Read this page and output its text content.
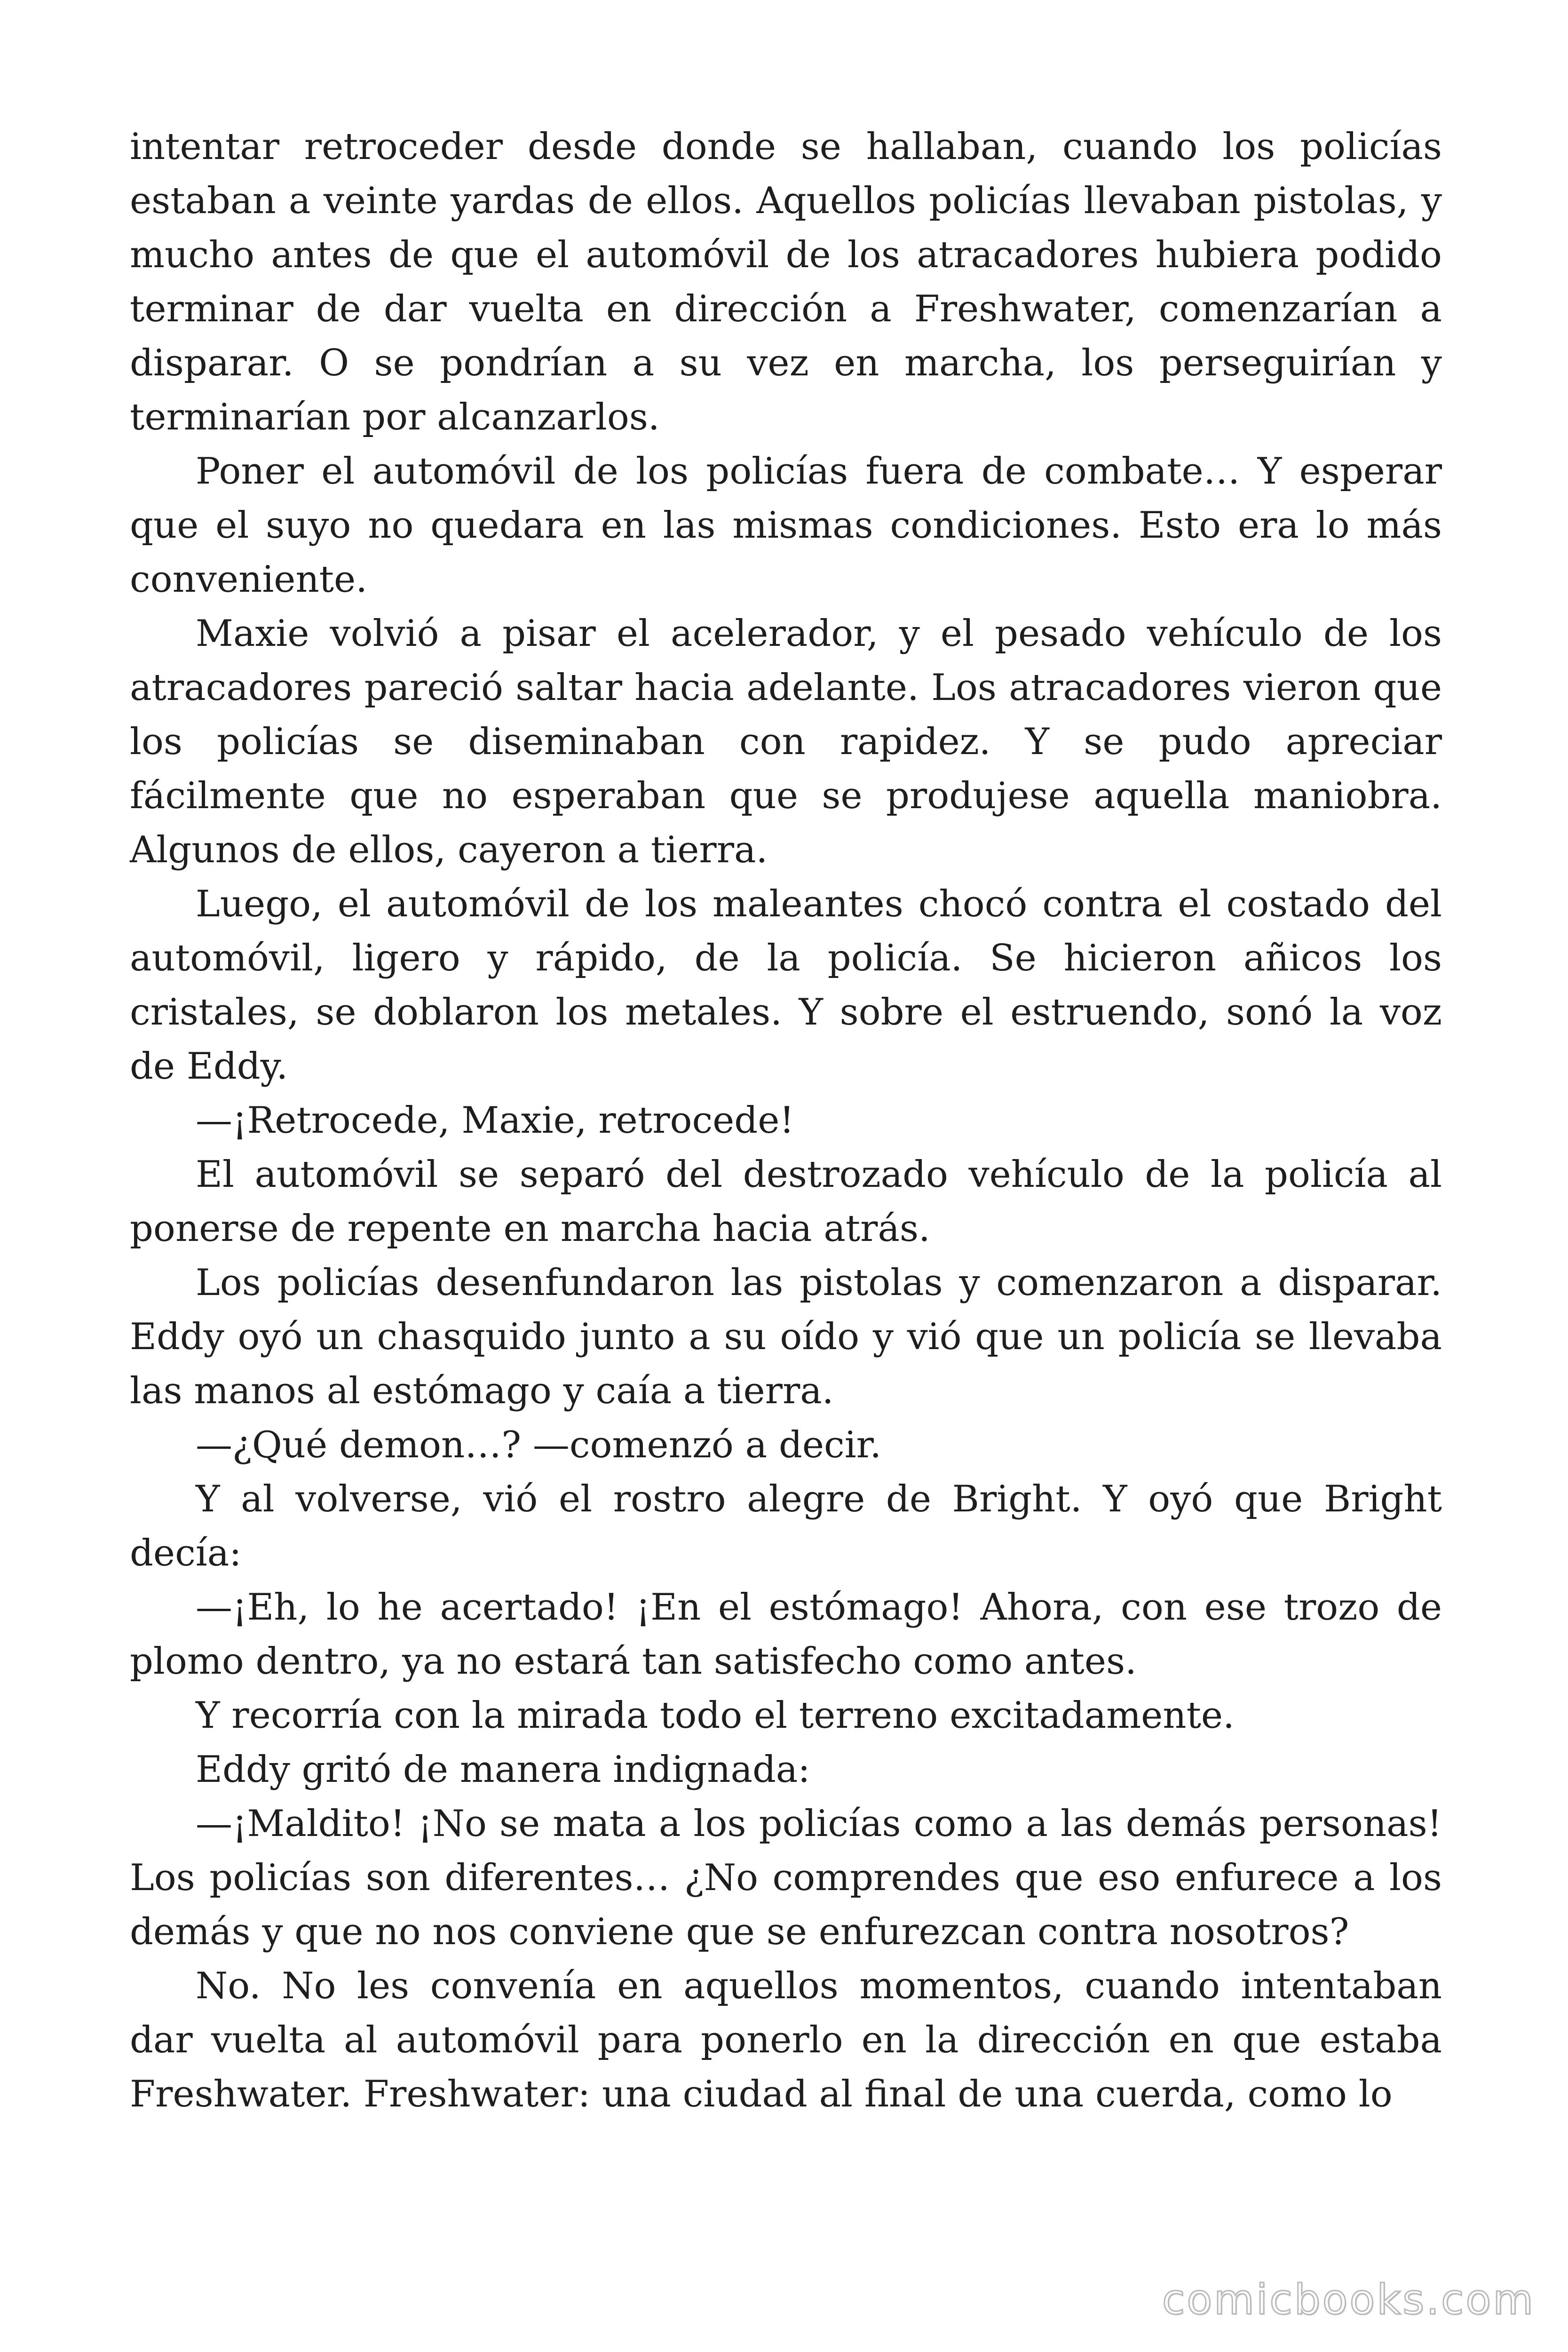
intentar retroceder desde donde se hallaban, cuando los policías estaban a veinte yardas de ellos. Aquellos policías llevaban pistolas, y mucho antes de que el automóvil de los atracadores hubiera podido terminar de dar vuelta en dirección a Freshwater, comenzarían a disparar. O se pondrían a su vez en marcha, los perseguirían y terminarían por alcanzarlos.

Poner el automóvil de los policías fuera de combate… Y esperar que el suyo no quedara en las mismas condiciones. Esto era lo más conveniente.

Maxie volvió a pisar el acelerador, y el pesado vehículo de los atracadores pareció saltar hacia adelante. Los atracadores vieron que los policías se diseminaban con rapidez. Y se pudo apreciar fácilmente que no esperaban que se produjese aquella maniobra. Algunos de ellos, cayeron a tierra.

Luego, el automóvil de los maleantes chocó contra el costado del automóvil, ligero y rápido, de la policía. Se hicieron añicos los cristales, se doblaron los metales. Y sobre el estruendo, sonó la voz de Eddy.

—¡Retrocede, Maxie, retrocede!

El automóvil se separó del destrozado vehículo de la policía al ponerse de repente en marcha hacia atrás.

Los policías desenfundaron las pistolas y comenzaron a disparar. Eddy oyó un chasquido junto a su oído y vió que un policía se llevaba las manos al estómago y caía a tierra.

—¿Qué demon…? —comenzó a decir.

Y al volverse, vió el rostro alegre de Bright. Y oyó que Bright decía:

—¡Eh, lo he acertado! ¡En el estómago! Ahora, con ese trozo de plomo dentro, ya no estará tan satisfecho como antes.

Y recorría con la mirada todo el terreno excitadamente.

Eddy gritó de manera indignada:

—¡Maldito! ¡No se mata a los policías como a las demás personas! Los policías son diferentes… ¿No comprendes que eso enfurece a los demás y que no nos conviene que se enfurezcan contra nosotros?

No. No les convenía en aquellos momentos, cuando intentaban dar vuelta al automóvil para ponerlo en la dirección en que estaba Freshwater. Freshwater: una ciudad al final de una cuerda, como lo

comicbooks.com
